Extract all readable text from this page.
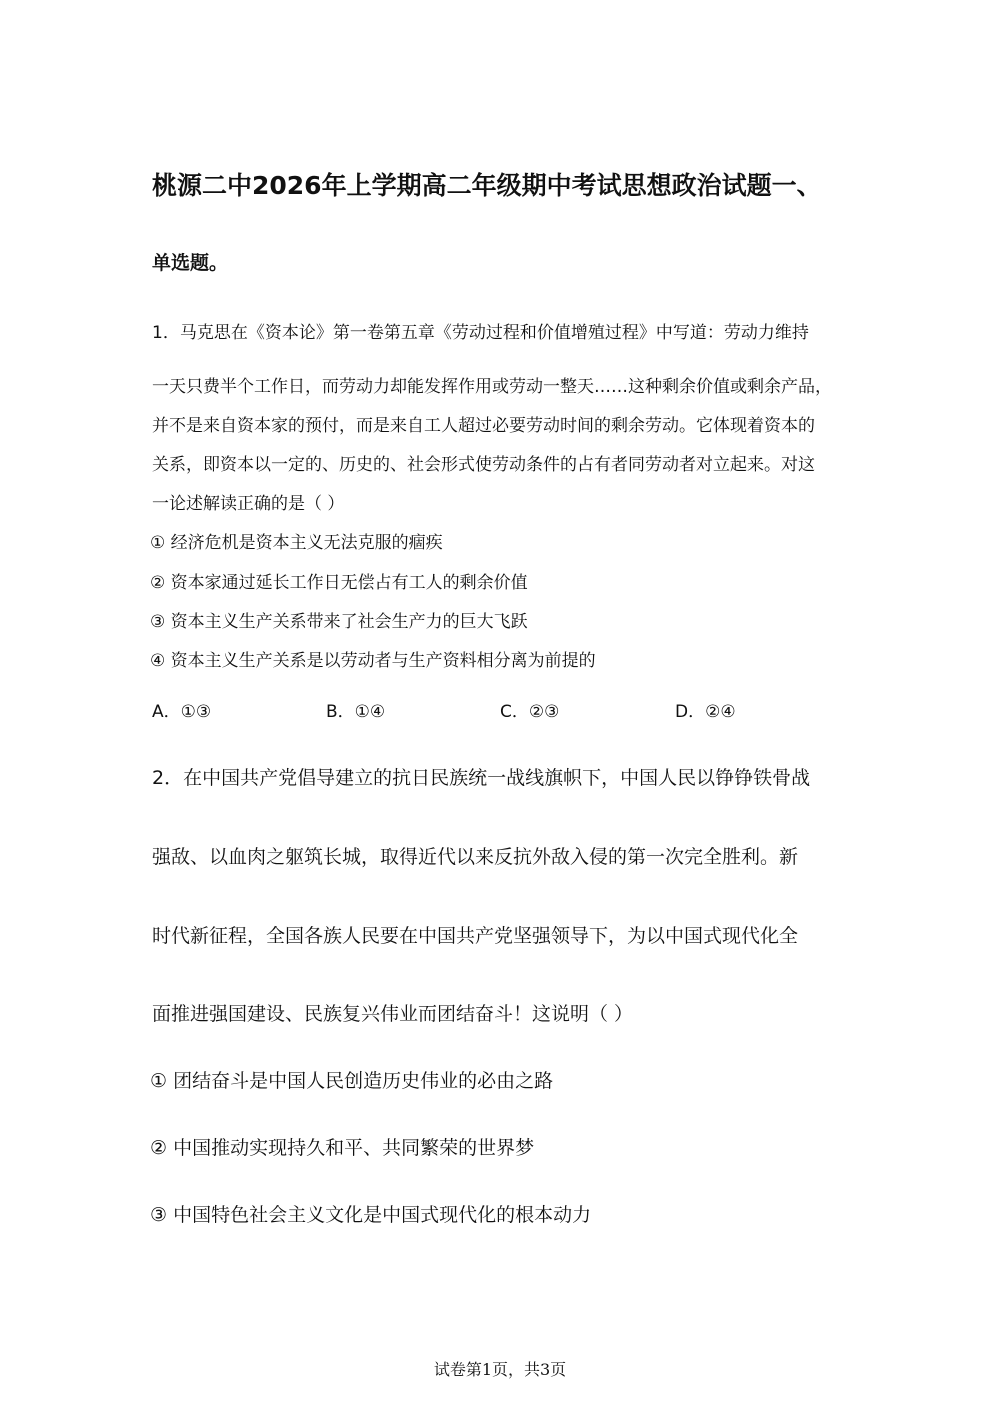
桃源二中2026年上学期高二年级期中考试思想政治试题一、
单选题。
1．马克思在《资本论》第一卷第五章《劳动过程和价值增殖过程》中写道：劳动力维持
一天只费半个工作日，而劳动力却能发挥作用或劳动一整天……这种剩余价值或剩余产品，
并不是来自资本家的预付，而是来自工人超过必要劳动时间的剩余劳动。它体现着资本的
关系，即资本以一定的、历史的、社会形式使劳动条件的占有者同劳动者对立起来。对这
一论述解读正确的是（ ）
① 经济危机是资本主义无法克服的痼疾
② 资本家通过延长工作日无偿占有工人的剩余价值
③ 资本主义生产关系带来了社会生产力的巨大飞跃
④ 资本主义生产关系是以劳动者与生产资料相分离为前提的
A．①③	B．①④	C．②③	D．②④
2．在中国共产党倡导建立的抗日民族统一战线旗帜下，中国人民以铮铮铁骨战
强敌、以血肉之躯筑长城，取得近代以来反抗外敌入侵的第一次完全胜利。新
时代新征程，全国各族人民要在中国共产党坚强领导下，为以中国式现代化全
面推进强国建设、民族复兴伟业而团结奋斗！这说明（ ）
① 团结奋斗是中国人民创造历史伟业的必由之路
② 中国推动实现持久和平、共同繁荣的世界梦
③ 中国特色社会主义文化是中国式现代化的根本动力
试卷第1页，共3页
